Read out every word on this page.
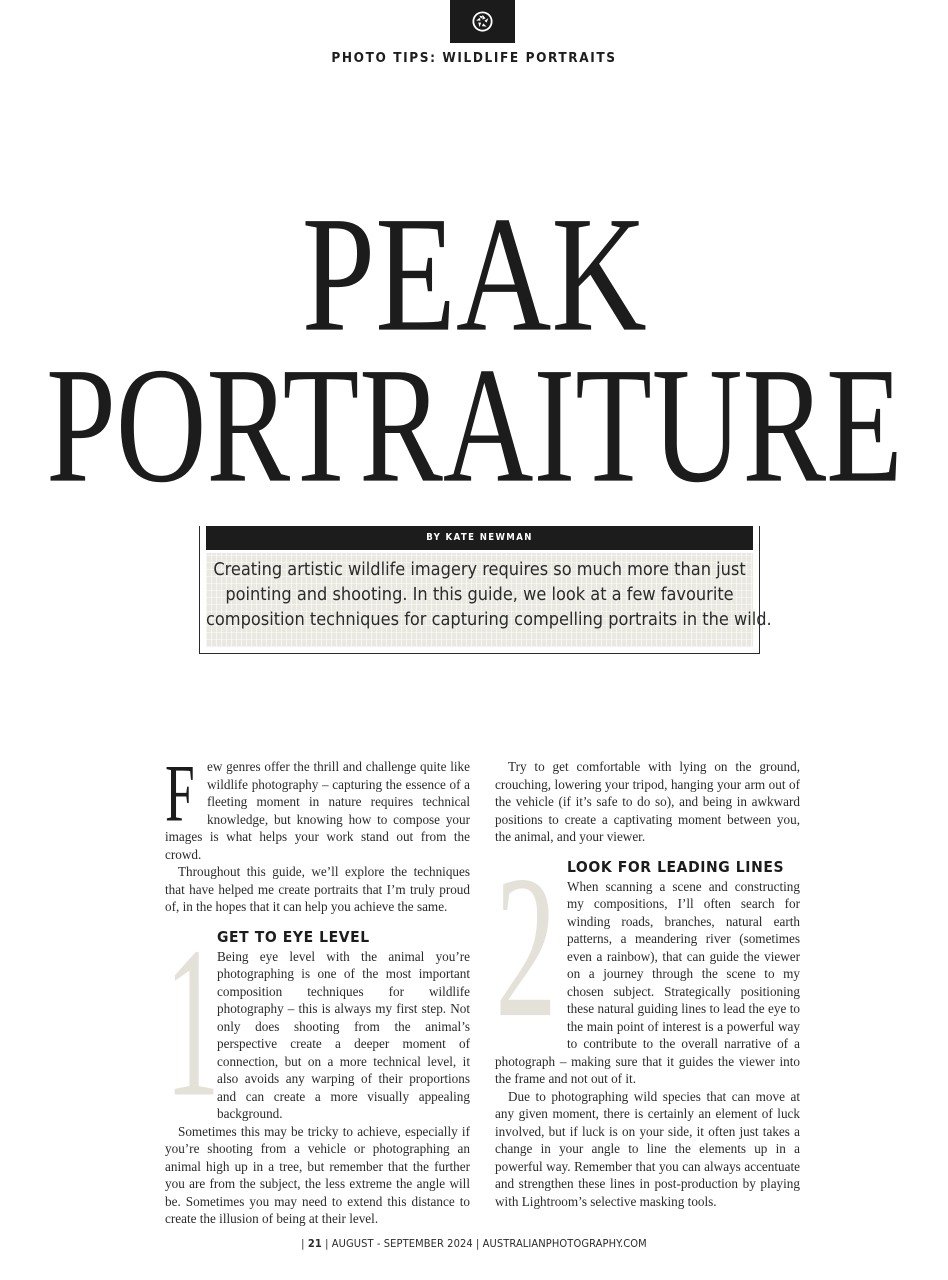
PHOTO TIPS: WILDLIFE PORTRAITS
PEAK
PORTRAITURE
BY KATE NEWMAN
Creating artistic wildlife imagery requires so much more than just
pointing and shooting. In this guide, we look at a few favourite
composition techniques for capturing compelling portraits in the wild.

Few genres offer the thrill and challenge quite like wildlife photography – capturing the essence of a fleeting moment in nature requires technical knowledge, but knowing how to compose your images is what helps your work stand out from the crowd.

Throughout this guide, we’ll explore the techniques that have helped me create portraits that I’m truly proud of, in the hopes that it can help you achieve the same.

1
GET TO EYE LEVEL

Being eye level with the animal you’re photographing is one of the most important composition techniques for wildlife photography – this is always my first step. Not only does shooting from the animal’s perspective create a deeper moment of connection, but on a more technical level, it also avoids any warping of their proportions and can create a more visually appealing background.

Sometimes this may be tricky to achieve, especially if you’re shooting from a vehicle or photographing an animal high up in a tree, but remember that the further you are from the subject, the less extreme the angle will be. Sometimes you may need to extend this distance to create the illusion of being at their level.

Try to get comfortable with lying on the ground, crouching, lowering your tripod, hanging your arm out of the vehicle (if it’s safe to do so), and being in awkward positions to create a captivating moment between you, the animal, and your viewer.

2 LOOK FOR LEADING LINES

When scanning a scene and constructing my compositions, I’ll often search for winding roads, branches, natural earth patterns, a meandering river (sometimes even a rainbow), that can guide the viewer on a journey through the scene to my chosen subject. Strategically positioning these natural guiding lines to lead the eye to the main point of interest is a powerful way to contribute to the overall narrative of a photograph – making sure that it guides the viewer into the frame and not out of it.

Due to photographing wild species that can move at any given moment, there is certainly an element of luck involved, but if luck is on your side, it often just takes a change in your angle to line the elements up in a powerful way. Remember that you can always accentuate and strengthen these lines in post-production by playing with Lightroom’s selective masking tools.

| 21 | AUGUST - SEPTEMBER 2024 | AUSTRALIANPHOTOGRAPHY.COM
